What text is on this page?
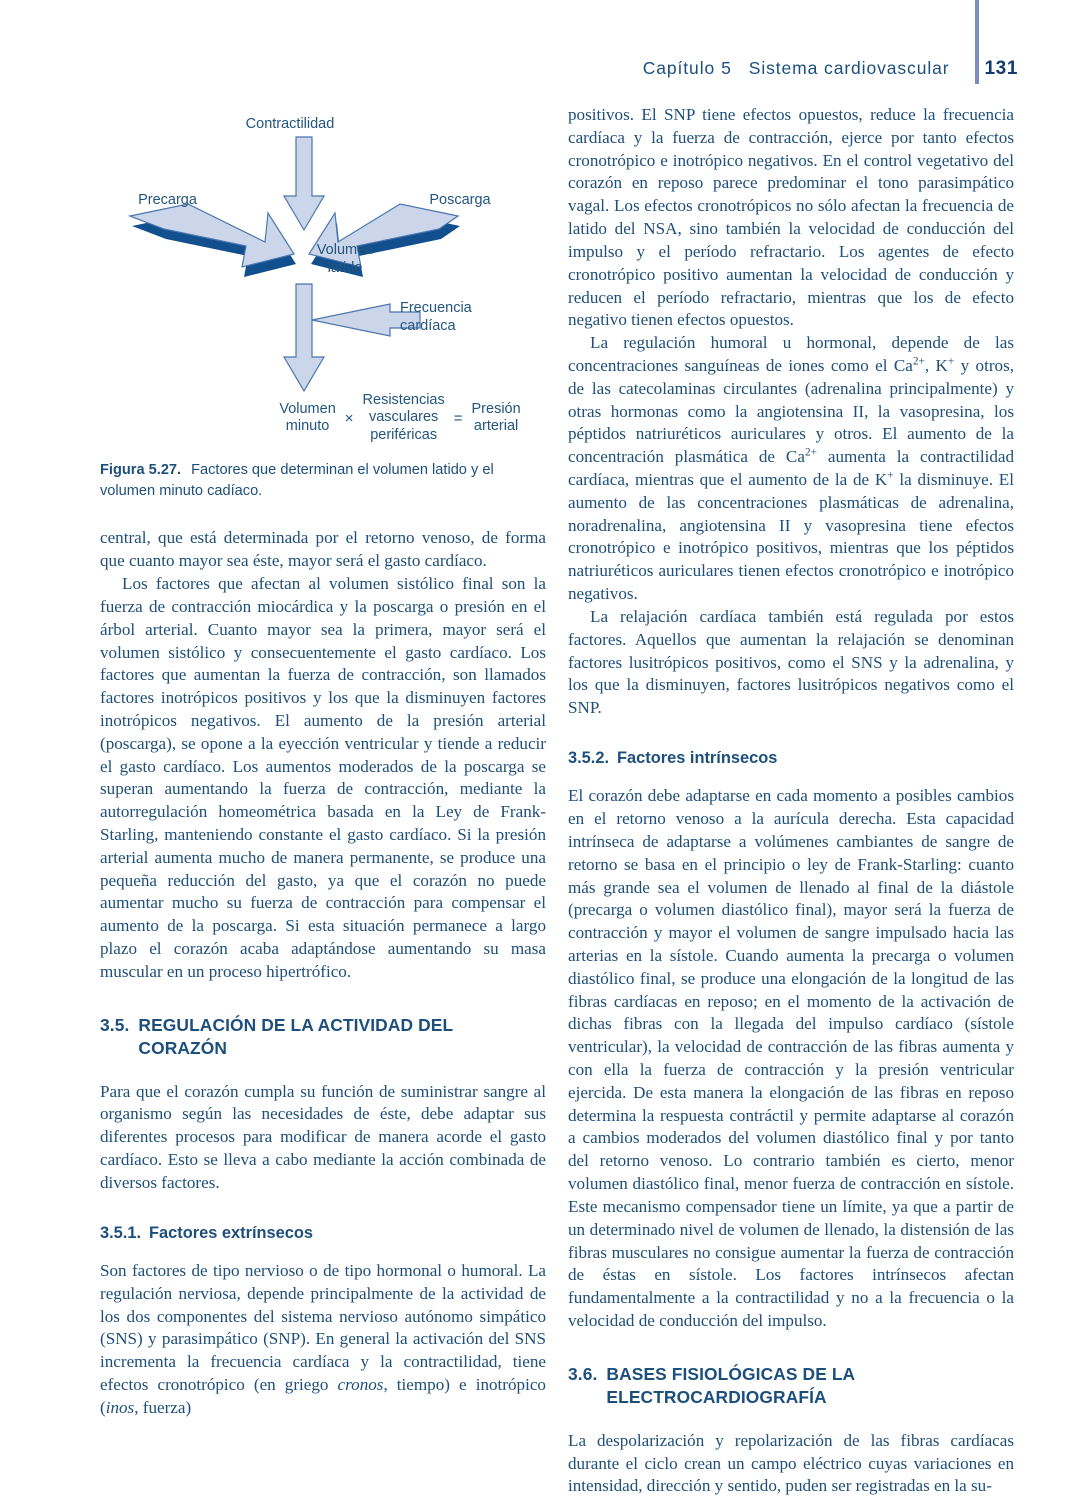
Capítulo 5 Sistema cardiovascular 131
Contractilidad
Precarga	Poscarga
Volumen
latido
Frecuencia
cardíaca
Volumen
minuto	×
Resistencias
vasculares
periféricas
=
Presión
arterial
Figura 5.27. Factores que determinan el volumen latido y el volumen minuto cadíaco.

central, que está determinada por el retorno venoso, de forma que cuanto mayor sea éste, mayor será el gasto cardíaco.

Los factores que afectan al volumen sistólico final son la fuerza de contracción miocárdica y la poscarga o presión en el árbol arterial. Cuanto mayor sea la primera, mayor será el volumen sistólico y consecuentemente el gasto cardíaco. Los factores que aumentan la fuerza de contracción, son llamados factores inotrópicos positivos y los que la disminuyen factores inotrópicos negativos. El aumento de la presión arterial (poscarga), se opone a la eyección ventricular y tiende a reducir el gasto cardíaco. Los aumentos moderados de la poscarga se superan aumentando la fuerza de contracción, mediante la autorregulación homeométrica basada en la Ley de Frank-Starling, manteniendo constante el gasto cardíaco. Si la presión arterial aumenta mucho de manera permanente, se produce una pequeña reducción del gasto, ya que el corazón no puede aumentar mucho su fuerza de contracción para compensar el aumento de la poscarga. Si esta situación permanece a largo plazo el corazón acaba adaptándose aumentando su masa muscular en un proceso hipertrófico.

3.5. REGULACIÓN DE LA ACTIVIDAD DEL CORAZÓN

Para que el corazón cumpla su función de suministrar sangre al organismo según las necesidades de éste, debe adaptar sus diferentes procesos para modificar de manera acorde el gasto cardíaco. Esto se lleva a cabo mediante la acción combinada de diversos factores.

3.5.1. Factores extrínsecos

Son factores de tipo nervioso o de tipo hormonal o humoral. La regulación nerviosa, depende principalmente de la actividad de los dos componentes del sistema nervioso autónomo simpático (SNS) y parasimpático (SNP). En general la activación del SNS incrementa la frecuencia cardíaca y la contractilidad, tiene efectos cronotrópico (en griego cronos, tiempo) e inotrópico (inos, fuerza)

positivos. El SNP tiene efectos opuestos, reduce la frecuencia cardíaca y la fuerza de contracción, ejerce por tanto efectos cronotrópico e inotrópico negativos. En el control vegetativo del corazón en reposo parece predominar el tono parasimpático vagal. Los efectos cronotrópicos no sólo afectan la frecuencia de latido del NSA, sino también la velocidad de conducción del impulso y el período refractario. Los agentes de efecto cronotrópico positivo aumentan la velocidad de conducción y reducen el período refractario, mientras que los de efecto negativo tienen efectos opuestos.

La regulación humoral u hormonal, depende de las concentraciones sanguíneas de iones como el $Ca^{2+}$, K+ y otros, de las catecolaminas circulantes (adrenalina principalmente) y otras hormonas como la angiotensina II, la vasopresina, los péptidos natriuréticos auriculares y otros. El aumento de la concentración plasmática de $Ca^{2+}$ aumenta la contractilidad cardíaca, mientras que el aumento de la de K+ la disminuye. El aumento de las concentraciones plasmáticas de adrenalina, noradrenalina, angiotensina II y vasopresina tiene efectos cronotrópico e inotrópico positivos, mientras que los péptidos natriuréticos auriculares tienen efectos cronotrópico e inotrópico negativos.

La relajación cardíaca también está regulada por estos factores. Aquellos que aumentan la relajación se denominan factores lusitrópicos positivos, como el SNS y la adrenalina, y los que la disminuyen, factores lusitrópicos negativos como el SNP.

3.5.2. Factores intrínsecos

El corazón debe adaptarse en cada momento a posibles cambios en el retorno venoso a la aurícula derecha. Esta capacidad intrínseca de adaptarse a volúmenes cambiantes de sangre de retorno se basa en el principio o ley de Frank-Starling: cuanto más grande sea el volumen de llenado al final de la diástole (precarga o volumen diastólico final), mayor será la fuerza de contracción y mayor el volumen de sangre impulsado hacia las arterias en la sístole. Cuando aumenta la precarga o volumen diastólico final, se produce una elongación de la longitud de las fibras cardíacas en reposo; en el momento de la activación de dichas fibras con la llegada del impulso cardíaco (sístole ventricular), la velocidad de contracción de las fibras aumenta y con ella la fuerza de contracción y la presión ventricular ejercida. De esta manera la elongación de las fibras en reposo determina la respuesta contráctil y permite adaptarse al corazón a cambios moderados del volumen diastólico final y por tanto del retorno venoso. Lo contrario también es cierto, menor volumen diastólico final, menor fuerza de contracción en sístole. Este mecanismo compensador tiene un límite, ya que a partir de un determinado nivel de volumen de llenado, la distensión de las fibras musculares no consigue aumentar la fuerza de contracción de éstas en sístole. Los factores intrínsecos afectan fundamentalmente a la contractilidad y no a la frecuencia o la velocidad de conducción del impulso.

3.6. BASES FISIOLÓGICAS DE LA ELECTROCARDIOGRAFÍA

La despolarización y repolarización de las fibras cardíacas durante el ciclo crean un campo eléctrico cuyas variaciones en intensidad, dirección y sentido, puden ser registradas en la su-
